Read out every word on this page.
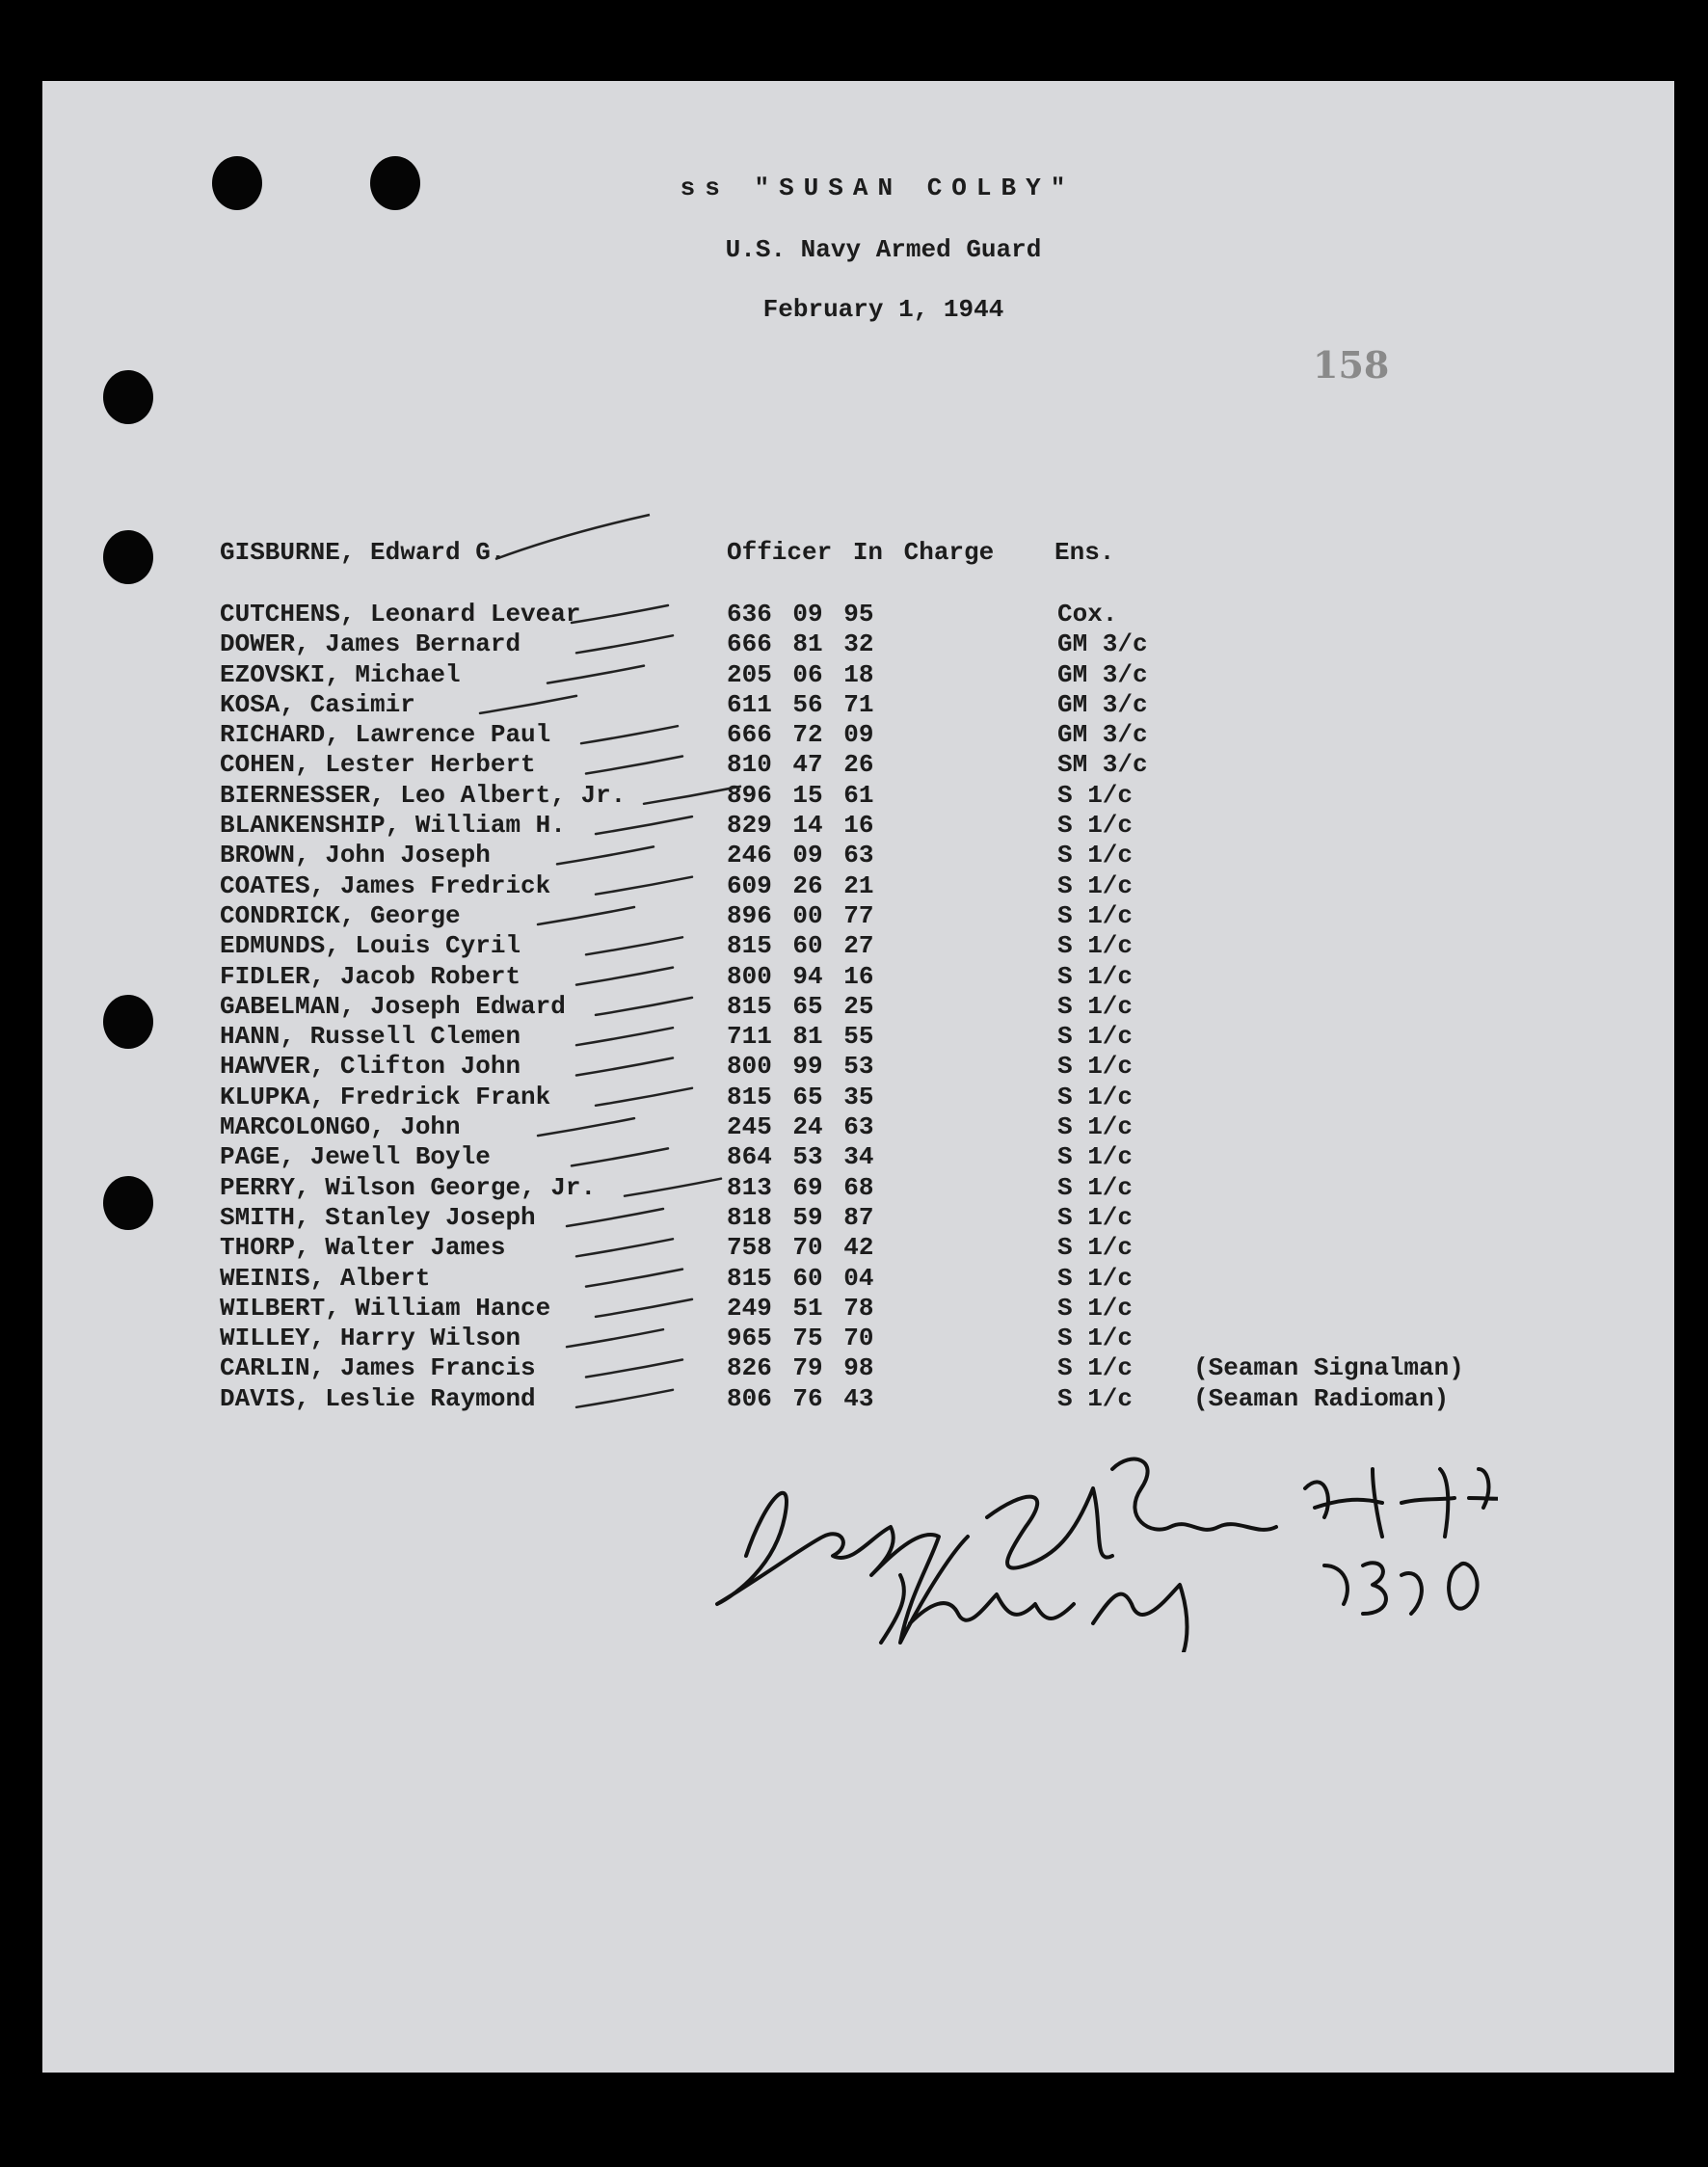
ss "SUSAN COLBY"
U.S. Navy Armed Guard
February 1, 1944
158
GISBURNE, Edward G.	Officer In Charge Ens.
CUTCHENS, Leonard Levear	636 09 95	Cox.
DOWER, James Bernard	666 81 32	GM 3/c
EZOVSKI, Michael	205 06 18	GM 3/c
KOSA, Casimir	611 56 71	GM 3/c
RICHARD, Lawrence Paul	666 72 09	GM 3/c
COHEN, Lester Herbert	810 47 26	SM 3/c
BIERNESSER, Leo Albert, Jr.	896 15 61	S 1/c
BLANKENSHIP, William H.	829 14 16	S 1/c
BROWN, John Joseph	246 09 63	S 1/c
COATES, James Fredrick	609 26 21	S 1/c
CONDRICK, George	896 00 77	S 1/c
EDMUNDS, Louis Cyril	815 60 27	S 1/c
FIDLER, Jacob Robert	800 94 16	S 1/c
GABELMAN, Joseph Edward	815 65 25	S 1/c
HANN, Russell Clemen	711 81 55	S 1/c
HAWVER, Clifton John	800 99 53	S 1/c
KLUPKA, Fredrick Frank	815 65 35	S 1/c
MARCOLONGO, John	245 24 63	S 1/c
PAGE, Jewell Boyle	864 53 34	S 1/c
PERRY, Wilson George, Jr.	813 69 68	S 1/c
SMITH, Stanley Joseph	818 59 87	S 1/c
THORP, Walter James	758 70 42	S 1/c
WEINIS, Albert	815 60 04	S 1/c
WILBERT, William Hance	249 51 78	S 1/c
WILLEY, Harry Wilson	965 75 70	S 1/c
CARLIN, James Francis	826 79 98	S 1/c (Seaman Signalman)
DAVIS, Leslie Raymond	806 76 43	S 1/c (Seaman Radioman)
